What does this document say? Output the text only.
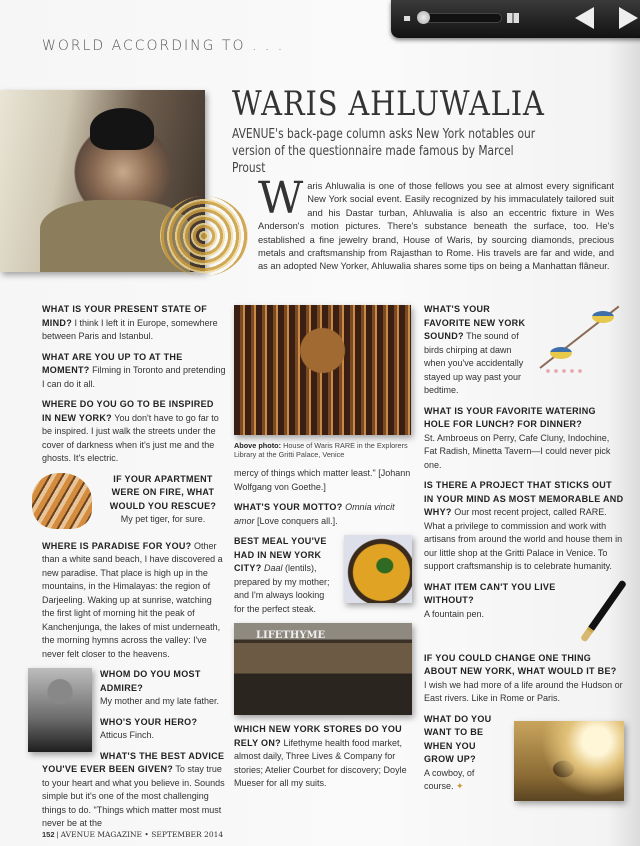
WORLD ACCORDING TO . . .
WARIS AHLUWALIA
AVENUE's back-page column asks New York notables our version of the questionnaire made famous by Marcel Proust
Waris Ahluwalia is one of those fellows you see at almost every significant New York social event. Easily recognized by his immaculately tailored suit and his Dastar turban, Ahluwalia is also an eccentric fixture in Wes Anderson's motion pictures. There's substance beneath the surface, too. He's established a fine jewelry brand, House of Waris, by sourcing diamonds, precious metals and craftsmanship from Rajasthan to Rome. His travels are far and wide, and as an adopted New Yorker, Ahluwalia shares some tips on being a Manhattan flâneur.

WHAT IS YOUR PRESENT STATE OF MIND? I think I left it in Europe, somewhere between Paris and Istanbul.

WHAT ARE YOU UP TO AT THE MOMENT? Filming in Toronto and pretending I can do it all.

WHERE DO YOU GO TO BE INSPIRED IN NEW YORK? You don't have to go far to be inspired. I just walk the streets under the cover of darkness when it's just me and the ghosts. It's electric.

IF YOUR APARTMENT WERE ON FIRE, WHAT WOULD YOU RESCUE?
My pet tiger, for sure.

WHERE IS PARADISE FOR YOU? Other than a white sand beach, I have discovered a new paradise. That place is high up in the mountains, in the Himalayas: the region of Darjeeling. Waking up at sunrise, watching the first light of morning hit the peak of Kanchenjunga, the lakes of mist underneath, the morning hymns across the valley: I've never felt closer to the heavens.

WHOM DO YOU MOST ADMIRE?
My mother and my late father.

WHO'S YOUR HERO?
Atticus Finch.

WHAT'S THE BEST ADVICE YOU'VE EVER BEEN GIVEN? To stay true to your heart and what you believe in. Sounds simple but it's one of the most challenging things to do. "Things which matter most must never be at the

Above photo: House of Waris RARE in the Explorers Library at the Gritti Palace, Venice

mercy of things which matter least." [Johann Wolfgang von Goethe.]

WHAT'S YOUR MOTTO? Omnia vincit amor [Love conquers all.].

BEST MEAL YOU'VE HAD IN NEW YORK CITY? Daal (lentils), prepared by my mother; and I'm always looking for the perfect steak.
LIFETHYME

WHICH NEW YORK STORES DO YOU RELY ON? Lifethyme health food market, almost daily, Three Lives & Company for stories; Atelier Courbet for discovery; Doyle Mueser for all my suits.

WHAT'S YOUR FAVORITE NEW YORK SOUND? The sound of birds chirping at dawn when you've accidentally stayed up way past your bedtime.

WHAT IS YOUR FAVORITE WATERING HOLE FOR LUNCH? FOR DINNER?
St. Ambroeus on Perry, Cafe Cluny, Indochine, Fat Radish, Minetta Tavern—I could never pick one.

IS THERE A PROJECT THAT STICKS OUT IN YOUR MIND AS MOST MEMORABLE AND WHY? Our most recent project, called RARE. What a privilege to commission and work with artisans from around the world and house them in our little shop at the Gritti Palace in Venice. To support craftsmanship is to celebrate humanity.

WHAT ITEM CAN'T YOU LIVE WITHOUT?
A fountain pen.

IF YOU COULD CHANGE ONE THING ABOUT NEW YORK, WHAT WOULD IT BE?
I wish we had more of a life around the Hudson or East rivers. Like in Rome or Paris.

WHAT DO YOU WANT TO BE WHEN YOU GROW UP?
A cowboy, of course. ✦
152 | AVENUE MAGAZINE • SEPTEMBER 2014
